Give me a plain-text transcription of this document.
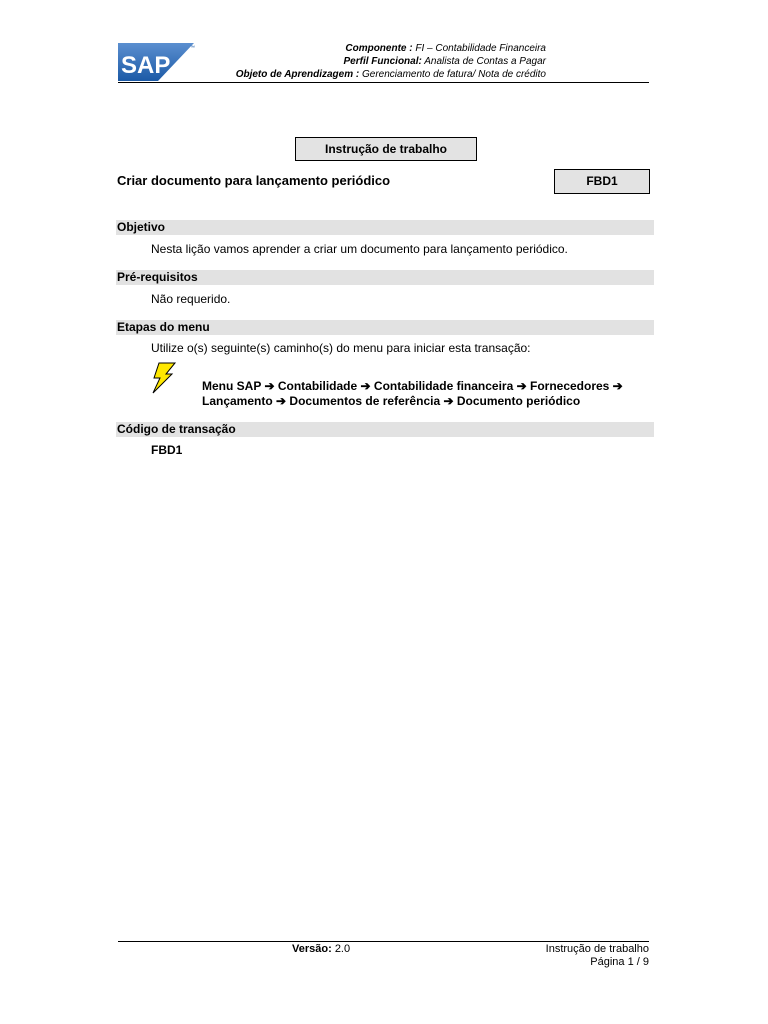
SAP
™	Componente : FI – Contabilidade Financeira
Perfil Funcional: Analista de Contas a Pagar
Objeto de Aprendizagem : Gerenciamento de fatura/ Nota de crédito
Instrução de trabalho
Criar documento para lançamento periódico	FBD1
Objetivo
Nesta lição vamos aprender a criar um documento para lançamento periódico.
Pré-requisitos
Não requerido.
Etapas do menu
Utilize o(s) seguinte(s) caminho(s) do menu para iniciar esta transação:
Menu SAP ➔ Contabilidade ➔ Contabilidade financeira ➔ Fornecedores ➔
Lançamento ➔ Documentos de referência ➔ Documento periódico
Código de transação
FBD1
Versão: 2.0	Instrução de trabalho
Página 1 / 9
